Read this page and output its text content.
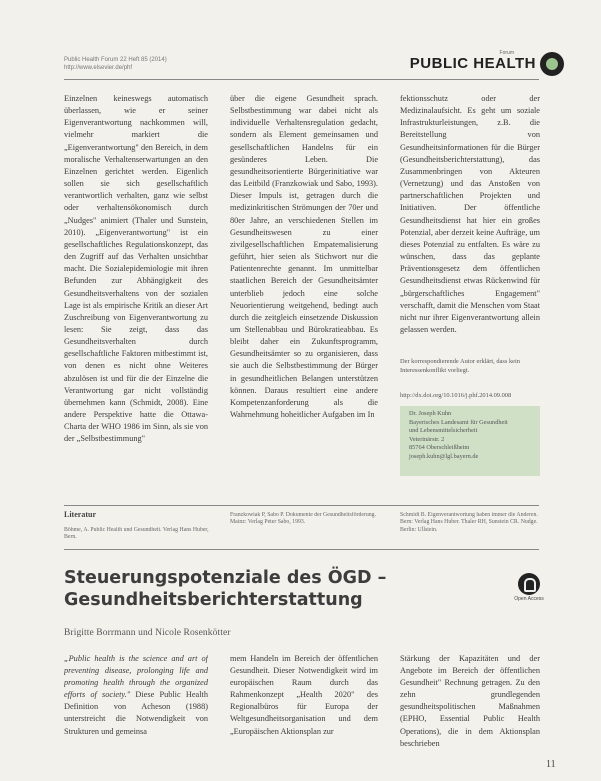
Public Health Forum 22 Heft 85 (2014)
http://www.elsevier.de/phf
Forum
PUBLIC HEALTH

Einzelnen keineswegs automatisch überlassen, wie er seiner Eigenverantwortung nachkommen will, vielmehr markiert die „Eigenverantwortung" den Bereich, in dem moralische Verhaltenserwartungen an den Einzelnen gerichtet werden. Eigenlich sollen sie sich gesellschaftlich verantwortlich verhalten, ganz wie selbst oder verhaltensökonomisch durch „Nudges" animiert (Thaler und Sunstein, 2010). „Eigenverantwortung" ist ein gesellschaftliches Regulationskonzept, das den Zugriff auf das Verhalten unsichtbar macht. Die Sozialepidemiologie mit ihren Befunden zur Abhängigkeit des Gesundheitsverhaltens von der sozialen Lage ist als empirische Kritik an dieser Art Zuschreibung von Eigenverantwortung zu lesen: Sie zeigt, dass das Gesundheitsverhalten durch gesellschaftliche Faktoren mitbestimmt ist, von denen es nicht ohne Weiteres abzulösen ist und für die der Einzelne die Verantwortung gar nicht vollständig übernehmen kann (Schmidt, 2008). Eine andere Perspektive hatte die Ottawa-Charta der WHO 1986 im Sinn, als sie von der „Selbstbestimmung"

über die eigene Gesundheit sprach. Selbstbestimmung war dabei nicht als individuelle Verhaltensregulation gedacht, sondern als Element gemeinsamen und gesellschaftlichen Handelns für ein gesünderes Leben. Die gesundheitsorientierte Bürgerinitiative war das Leitbild (Franzkowiak und Sabo, 1993). Dieser Impuls ist, getragen durch die medizinkritischen Strömungen der 70er und 80er Jahre, an verschiedenen Stellen im Gesundheitswesen zu einer zivilgesellschaftlichen Empatemalisierung geführt, hier seien als Stichwort nur die Patientenrechte genannt. Im unmittelbar staatlichen Bereich der Gesundheitsämter unterblieb jedoch eine solche Neuorientierung weitgehend, bedingt auch durch die zeitgleich einsetzende Diskussion um Stellenabbau und Bürokratieabbau. Es bleibt daher ein Zukunftsprogramm, Gesundheitsämter so zu organisieren, dass sie auch die Selbstbestimmung der Bürger in gesundheitlichen Belangen unterstützen können. Daraus resultiert eine andere Kompetenzanforderung als die Wahrnehmung hoheitlicher Aufgaben im In

fektionsschutz oder der Medizinalaufsicht. Es geht um soziale Infrastrukturleistungen, z.B. die Bereitstellung von Gesundheitsinformationen für die Bürger (Gesundheitsberichterstattung), das Zusammenbringen von Akteuren (Vernetzung) und das Anstoßen von partnerschaftlichen Projekten und Initiativen. Der öffentliche Gesundheitsdienst hat hier ein großes Potenzial, aber derzeit keine Aufträge, um dieses Potenzial zu entfalten. Es wäre zu wünschen, dass das geplante Präventionsgesetz dem öffentlichen Gesundheitsdienst etwas Rückenwind für „bürgerschaftliches Engagement" verschafft, damit die Menschen vom Staat nicht nur ihrer Eigenverantwortung allein gelassen werden.

Der korrespondierende Autor erklärt, dass kein Interessenkonflikt vorliegt.
http://dx.doi.org/10.1016/j.phf.2014.09.008
Dr. Joseph Kuhn
Bayerisches Landesamt für Gesundheit
und Lebensmittelsicherheit
Veterinärstr. 2
85764 Oberschleißheim
joseph.kuhn@lgl.bayern.de
Literatur
Böhme, A. Public Health und Gesundheit. Verlag Hans Huber, Bern.
Franzkowiak P, Sabo P. Dokumente der Gesundheitsförderung. Mainz: Verlag Peter Sabo, 1993.
Schmidt B. Eigenverantwortung haben immer die Anderen. Bern: Verlag Hans Huber. Thaler RH, Sunstein CR. Nudge. Berlin: Ullstein.
Steuerungspotenziale des ÖGD –
Gesundheitsberichterstattung	Open Access
Brigitte Borrmann und Nicole Rosenkötter
„Public health is the science and art of preventing disease, prolonging life and promoting health through the organized efforts of society." Diese Public Health Definition von Acheson (1988) unterstreicht die Notwendigkeit von Strukturen und gemeinsa
mem Handeln im Bereich der öffentlichen Gesundheit. Dieser Notwendigkeit wird im europäischen Raum durch das Rahmenkonzept „Health 2020" des Regionalbüros für Europa der Weltgesundheitsorganisation und dem „Europäischen Aktionsplan zur
Stärkung der Kapazitäten und der Angebote im Bereich der öffentlichen Gesundheit" Rechnung getragen. Zu den zehn grundlegenden gesundheitspolitischen Maßnahmen (EPHO, Essential Public Health Operations), die in dem Aktionsplan beschrieben
11
